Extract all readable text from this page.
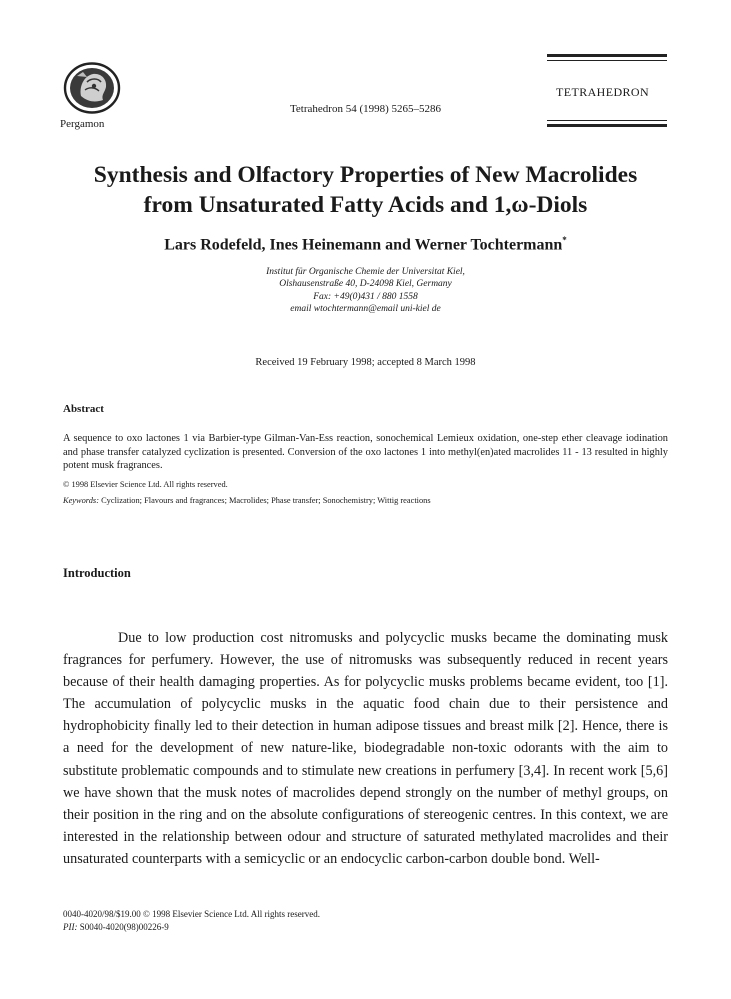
Pergamon
Tetrahedron 54 (1998) 5265–5286
TETRAHEDRON
Synthesis and Olfactory Properties of New Macrolides
from Unsaturated Fatty Acids and 1,ω-Diols
Lars Rodefeld, Ines Heinemann and Werner Tochtermann*
Institut für Organische Chemie der Universitat Kiel,
Olshausenstraße 40, D-24098 Kiel, Germany
Fax: +49(0)431 / 880 1558
email wtochtermann@email uni-kiel de
Received 19 February 1998; accepted 8 March 1998
Abstract
A sequence to oxo lactones 1 via Barbier-type Gilman-Van-Ess reaction, sonochemical Lemieux oxidation, one-step ether cleavage iodination and phase transfer catalyzed cyclization is presented. Conversion of the oxo lactones 1 into methyl(en)ated macrolides 11 - 13 resulted in highly potent musk fragrances.
© 1998 Elsevier Science Ltd. All rights reserved.
Keywords: Cyclization; Flavours and fragrances; Macrolides; Phase transfer; Sonochemistry; Wittig reactions
Introduction

Due to low production cost nitromusks and polycyclic musks became the dominating musk fragrances for perfumery. However, the use of nitromusks was subsequently reduced in recent years because of their health damaging properties. As for polycyclic musks problems became evident, too [1]. The accumulation of polycyclic musks in the aquatic food chain due to their persistence and hydrophobicity finally led to their detection in human adipose tissues and breast milk [2]. Hence, there is a need for the development of new nature-like, biodegradable non-toxic odorants with the aim to substitute problematic compounds and to stimulate new creations in perfumery [3,4]. In recent work [5,6] we have shown that the musk notes of macrolides depend strongly on the number of methyl groups, on their position in the ring and on the absolute configurations of stereogenic centres. In this context, we are interested in the relationship between odour and structure of saturated methylated macrolides and their unsaturated counterparts with a semicyclic or an endocyclic carbon-carbon double bond. Well-

0040-4020/98/$19.00 © 1998 Elsevier Science Ltd. All rights reserved.
PII: S0040-4020(98)00226-9
